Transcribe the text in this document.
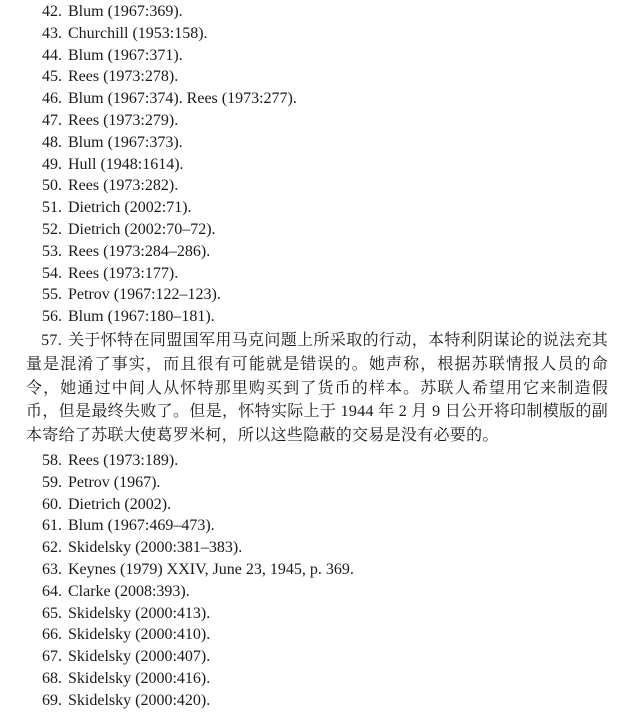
42. Blum (1967:369).
43. Churchill (1953:158).
44. Blum (1967:371).
45. Rees (1973:278).
46. Blum (1967:374). Rees (1973:277).
47. Rees (1973:279).
48. Blum (1967:373).
49. Hull (1948:1614).
50. Rees (1973:282).
51. Dietrich (2002:71).
52. Dietrich (2002:70–72).
53. Rees (1973:284–286).
54. Rees (1973:177).
55. Petrov (1967:122–123).
56. Blum (1967:180–181).
57. 关于怀特在同盟国军用马克问题上所采取的行动，本特利阴谋论的说法充其量是混淆了事实，而且很有可能就是错误的。她声称，根据苏联情报人员的命令，她通过中间人从怀特那里购买到了货币的样本。苏联人希望用它来制造假币，但是最终失败了。但是，怀特实际上于 1944 年 2 月 9 日公开将印制模版的副本寄给了苏联大使葛罗米柯，所以这些隐蔽的交易是没有必要的。
58. Rees (1973:189).
59. Petrov (1967).
60. Dietrich (2002).
61. Blum (1967:469–473).
62. Skidelsky (2000:381–383).
63. Keynes (1979) XXIV, June 23, 1945, p. 369.
64. Clarke (2008:393).
65. Skidelsky (2000:413).
66. Skidelsky (2000:410).
67. Skidelsky (2000:407).
68. Skidelsky (2000:416).
69. Skidelsky (2000:420).
